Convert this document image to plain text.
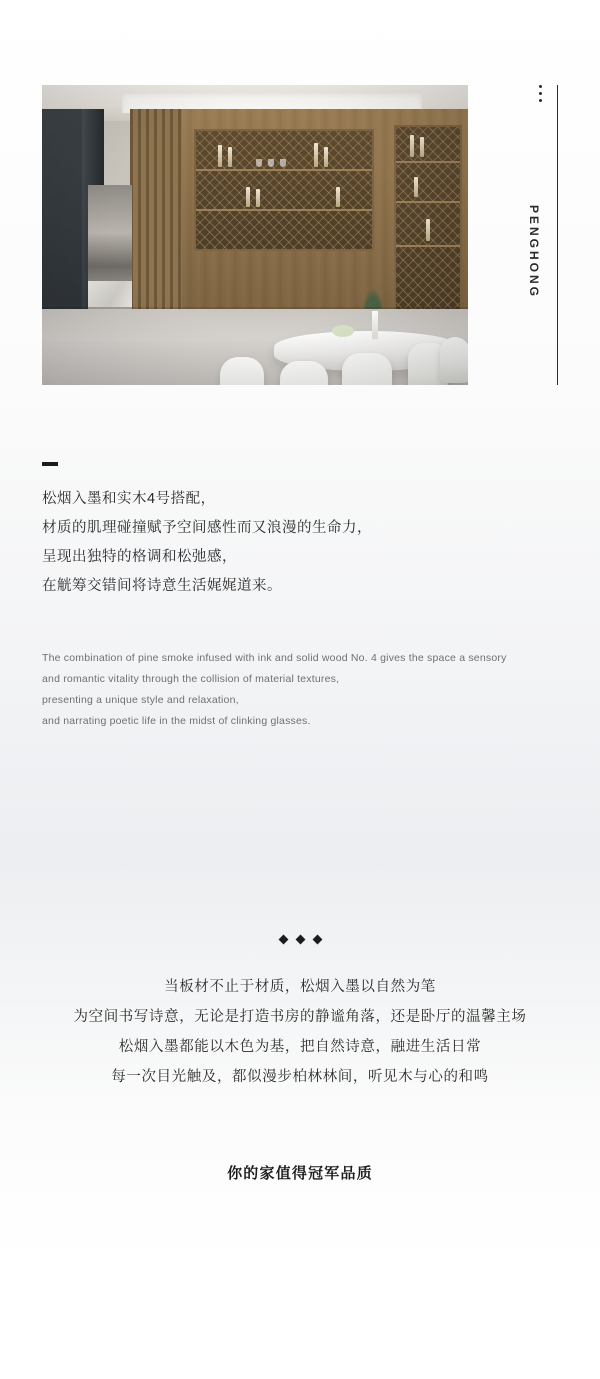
PENGHONG

松烟入墨和实木4号搭配，

材质的肌理碰撞赋予空间感性而又浪漫的生命力，

呈现出独特的格调和松弛感，

在觥筹交错间将诗意生活娓娓道来。

The combination of pine smoke infused with ink and solid wood No. 4 gives the space a sensory

and romantic vitality through the collision of material textures,

presenting a unique style and relaxation,

and narrating poetic life in the midst of clinking glasses.

当板材不止于材质，松烟入墨以自然为笔

为空间书写诗意，无论是打造书房的静谧角落，还是卧厅的温馨主场

松烟入墨都能以木色为基，把自然诗意，融进生活日常

每一次目光触及，都似漫步柏林林间，听见木与心的和鸣

你的家值得冠军品质
